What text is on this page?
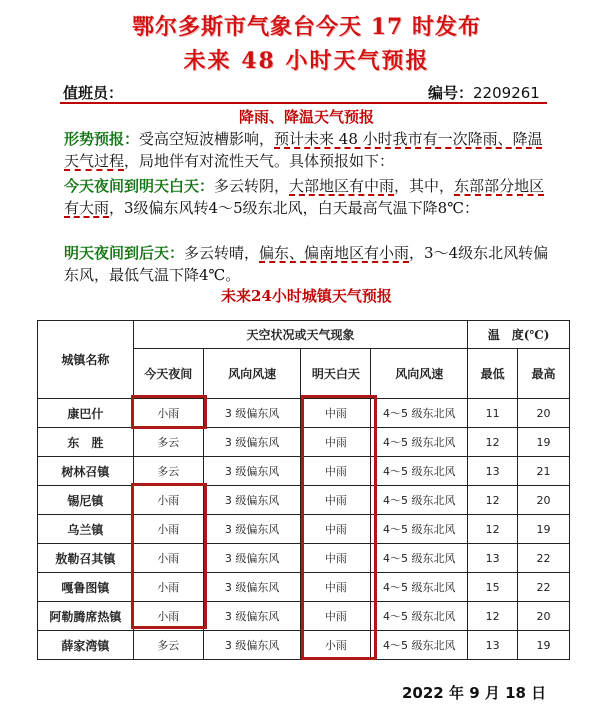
鄂尔多斯市气象台今天 17 时发布
未来 48 小时天气预报
值班员：	编号：2209261
降雨、降温天气预报
形势预报：受高空短波槽影响，预计未来 48 小时我市有一次降雨、降温天气过程，局地伴有对流性天气。具体预报如下：
今天夜间到明天白天：多云转阴，大部地区有中雨，其中，东部部分地区有大雨，3级偏东风转4～5级东北风，白天最高气温下降8℃：
明天夜间到后天：多云转晴，偏东、偏南地区有小雨，3～4级东北风转偏东风，最低气温下降4℃。
未来24小时城镇天气预报
城镇名称	天空状况或天气现象				温　度(℃)	
	今天夜间	风向风速	明天白天	风向风速	最低	最高
康巴什	小雨	3 级偏东风	中雨	4～5 级东北风	11	20
东　胜	多云	3 级偏东风	中雨	4～5 级东北风	12	19
树林召镇	多云	3 级偏东风	中雨	4～5 级东北风	13	21
锡尼镇	小雨	3 级偏东风	中雨	4～5 级东北风	12	20
乌兰镇	小雨	3 级偏东风	中雨	4～5 级东北风	12	19
敖勒召其镇	小雨	3 级偏东风	中雨	4～5 级东北风	13	22
嘎鲁图镇	小雨	3 级偏东风	中雨	4～5 级东北风	15	22
阿勒腾席热镇	小雨	3 级偏东风	中雨	4～5 级东北风	12	20
薛家湾镇	多云	3 级偏东风	小雨	4～5 级东北风	13	19
2022 年 9 月 18 日
